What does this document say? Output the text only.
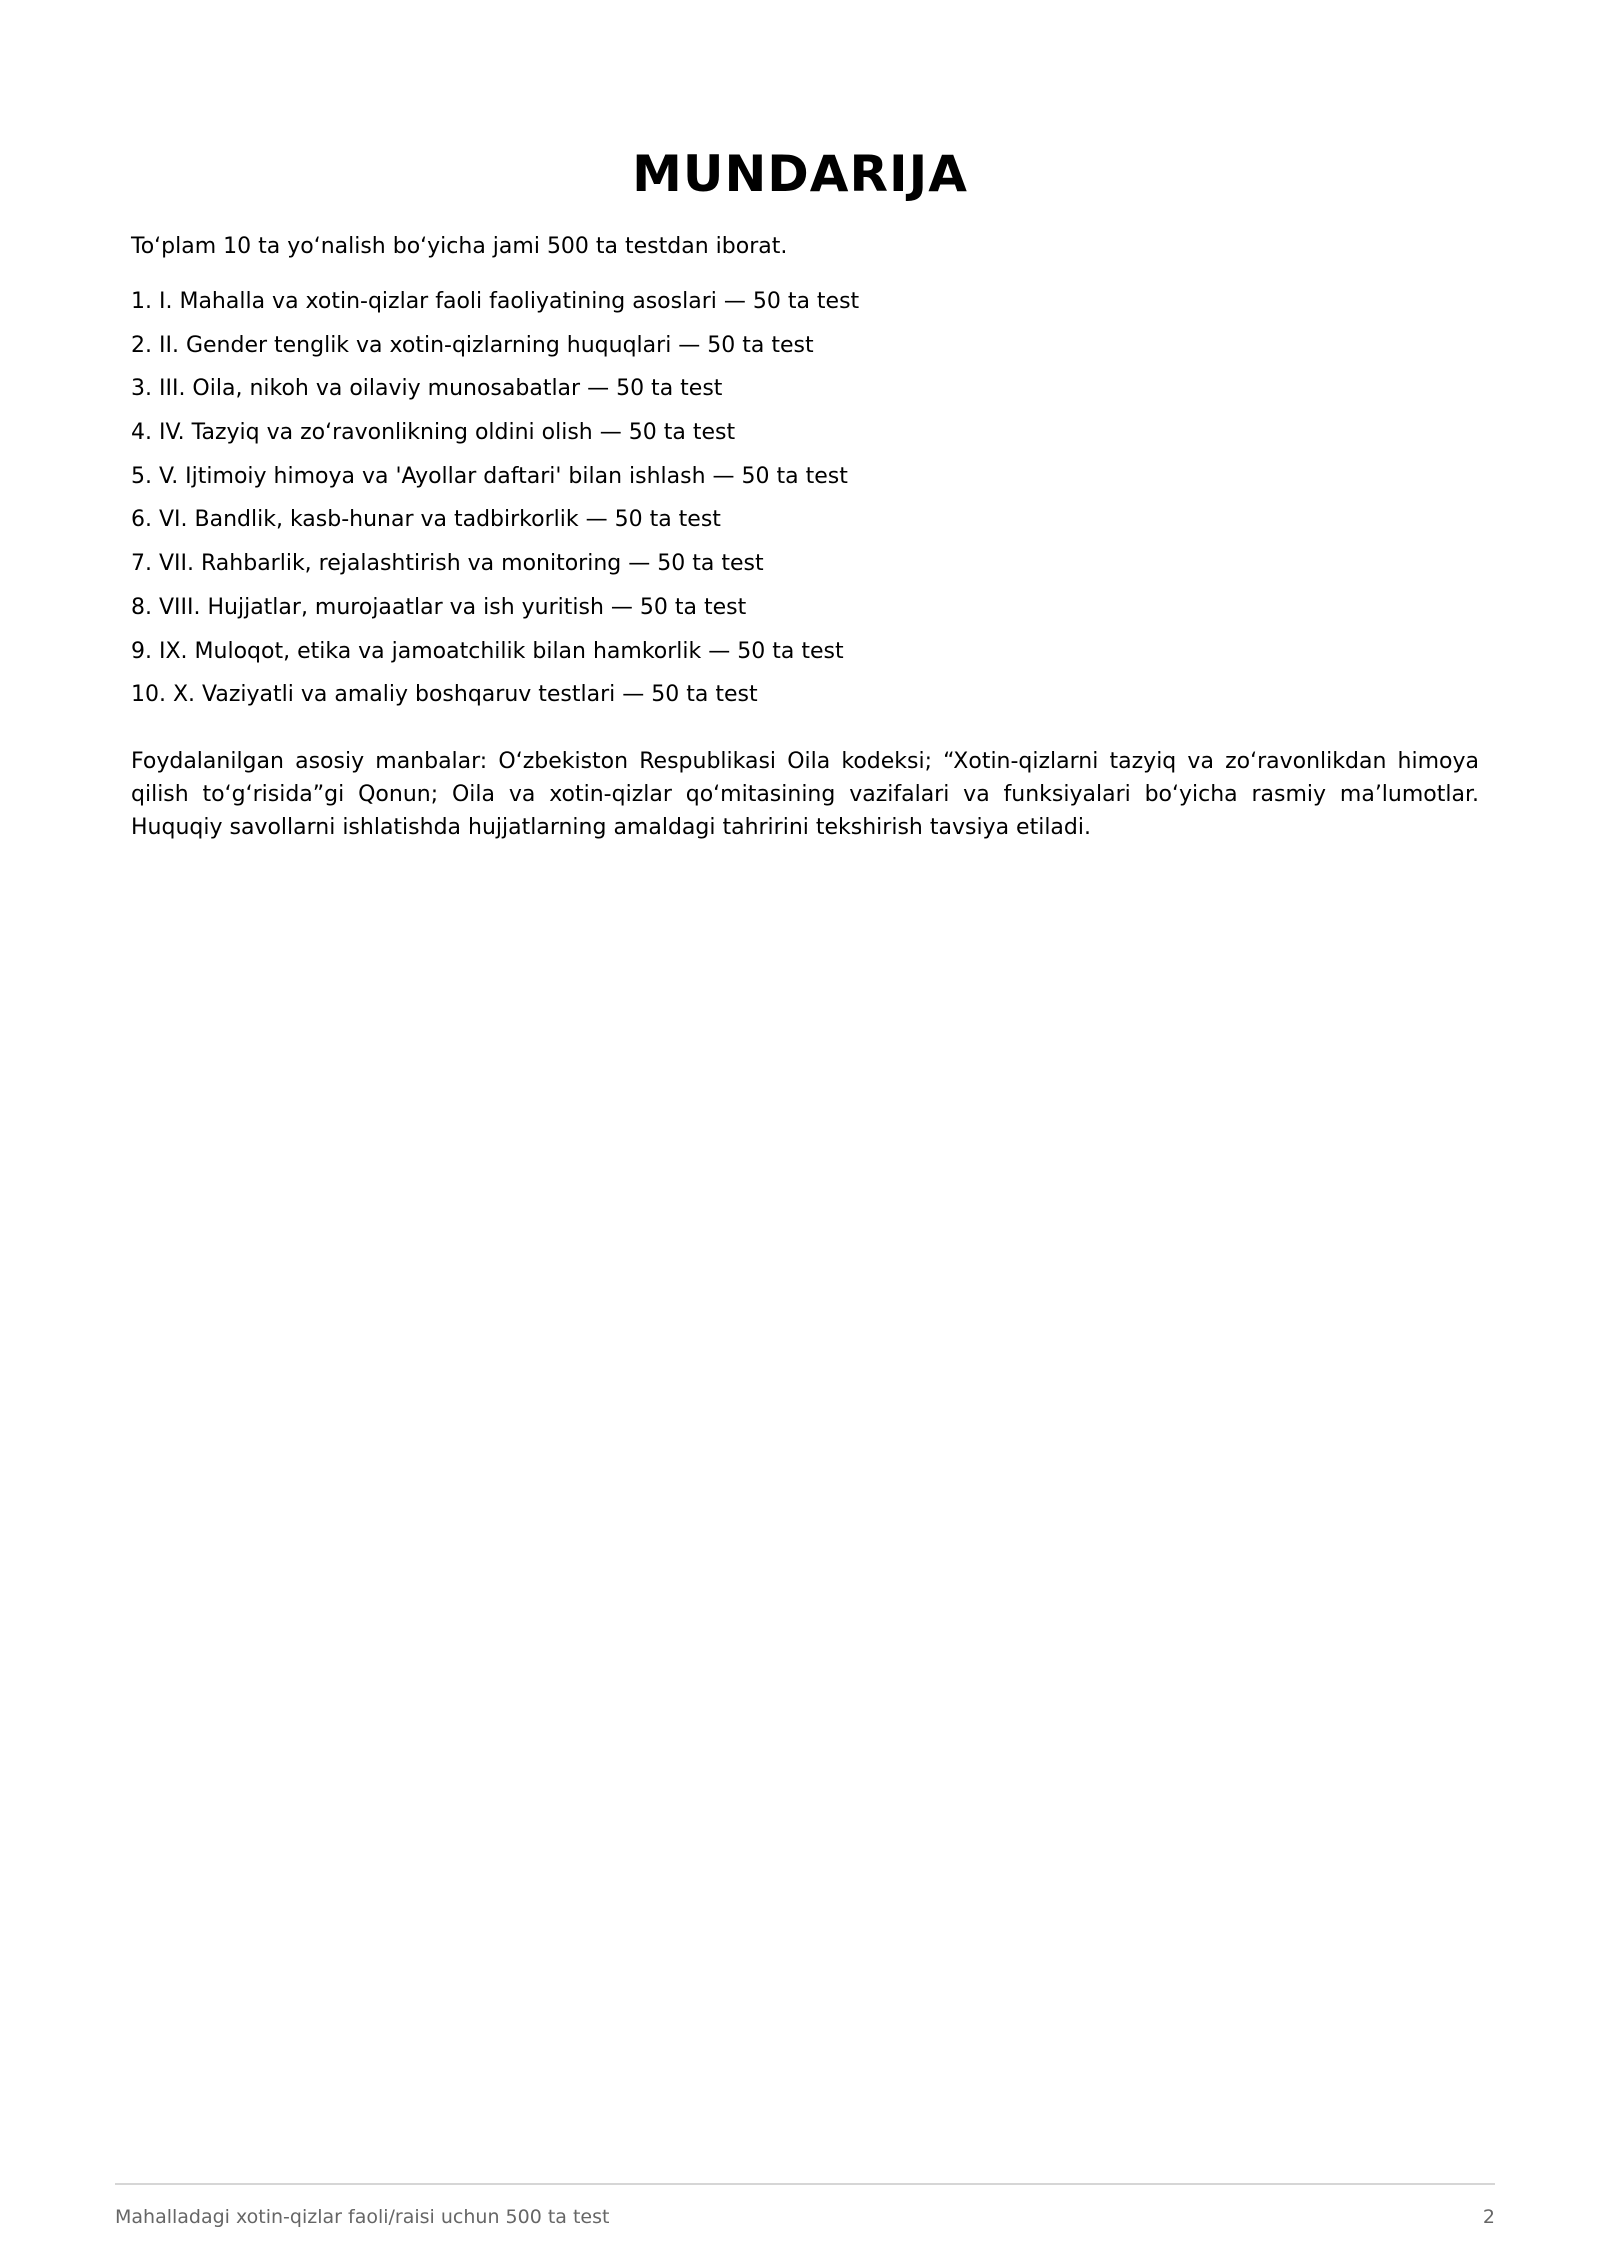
MUNDARIJA

To‘plam 10 ta yo‘nalish bo‘yicha jami 500 ta testdan iborat.

1. I. Mahalla va xotin-qizlar faoli faoliyatining asoslari — 50 ta test
2. II. Gender tenglik va xotin-qizlarning huquqlari — 50 ta test
3. III. Oila, nikoh va oilaviy munosabatlar — 50 ta test
4. IV. Tazyiq va zo‘ravonlikning oldini olish — 50 ta test
5. V. Ijtimoiy himoya va 'Ayollar daftari' bilan ishlash — 50 ta test
6. VI. Bandlik, kasb-hunar va tadbirkorlik — 50 ta test
7. VII. Rahbarlik, rejalashtirish va monitoring — 50 ta test
8. VIII. Hujjatlar, murojaatlar va ish yuritish — 50 ta test
9. IX. Muloqot, etika va jamoatchilik bilan hamkorlik — 50 ta test
10. X. Vaziyatli va amaliy boshqaruv testlari — 50 ta test

Foydalanilgan asosiy manbalar: O‘zbekiston Respublikasi Oila kodeksi; “Xotin-qizlarni tazyiq va zo‘ravonlikdan himoya qilish to‘g‘risida”gi Qonun; Oila va xotin-qizlar qo‘mitasining vazifalari va funksiyalari bo‘yicha rasmiy ma’lumotlar. Huquqiy savollarni ishlatishda hujjatlarning amaldagi tahririni tekshirish tavsiya etiladi.

Mahalladagi xotin-qizlar faoli/raisi uchun 500 ta test	2
